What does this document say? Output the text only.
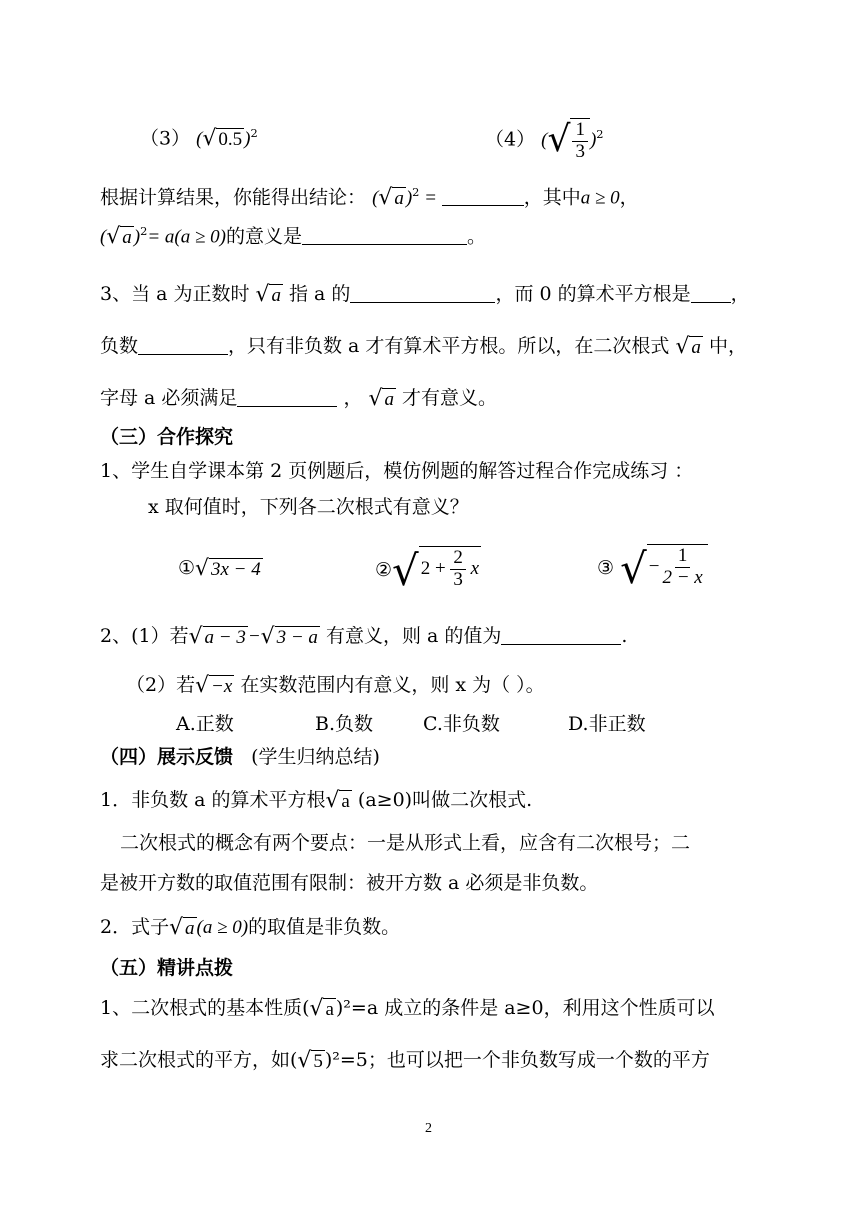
（3） ( √ 0.5 )$^2$	（4） ( √ $\frac{1}{3} )^2$
根据计算结果，你能得出结论： ( √ a )$^2$ =	，其中a ≥ 0，
( √ a )$^2$= a(a ≥ 0)的意义是	。
3、当 a 为正数时 √ a 指 a 的	，而 0 的算术平方根是 ，
负数	，只有非负数 a 才有算术平方根。所以，在二次根式 √ a 中，
字母 a 必须满足	， √ a 才有意义。
（三）合作探究
1、学生自学课本第 2 页例题后，模仿例题的解答过程合作完成练习 ：
x 取何值时，下列各二次根式有意义？
① √ 3x − 4	② √ $2 + \frac{2}{3}$ x	③ √ − $\frac{1}{2 - x}$
2、(1）若 √ a − 3 − √ 3 − a 有意义，则 a 的值为	.
（2）若 √ −x 在实数范围内有意义，则 x 为（ ）。
A.正数	B.负数	C.非负数	D.非正数
（四）展示反馈 (学生归纳总结)
1．非负数 a 的算术平方根 √ a (a≥0)叫做二次根式.
二次根式的概念有两个要点：一是从形式上看，应含有二次根号；二
是被开方数的取值范围有限制：被开方数 a 必须是非负数。
2．式子 √ a (a ≥ 0)的取值是非负数。
（五）精讲点拨
1、二次根式的基本性质( √ a )²=a 成立的条件是 a≥0，利用这个性质可以
求二次根式的平方，如( √ 5 )²=5；也可以把一个非负数写成一个数的平方
2
